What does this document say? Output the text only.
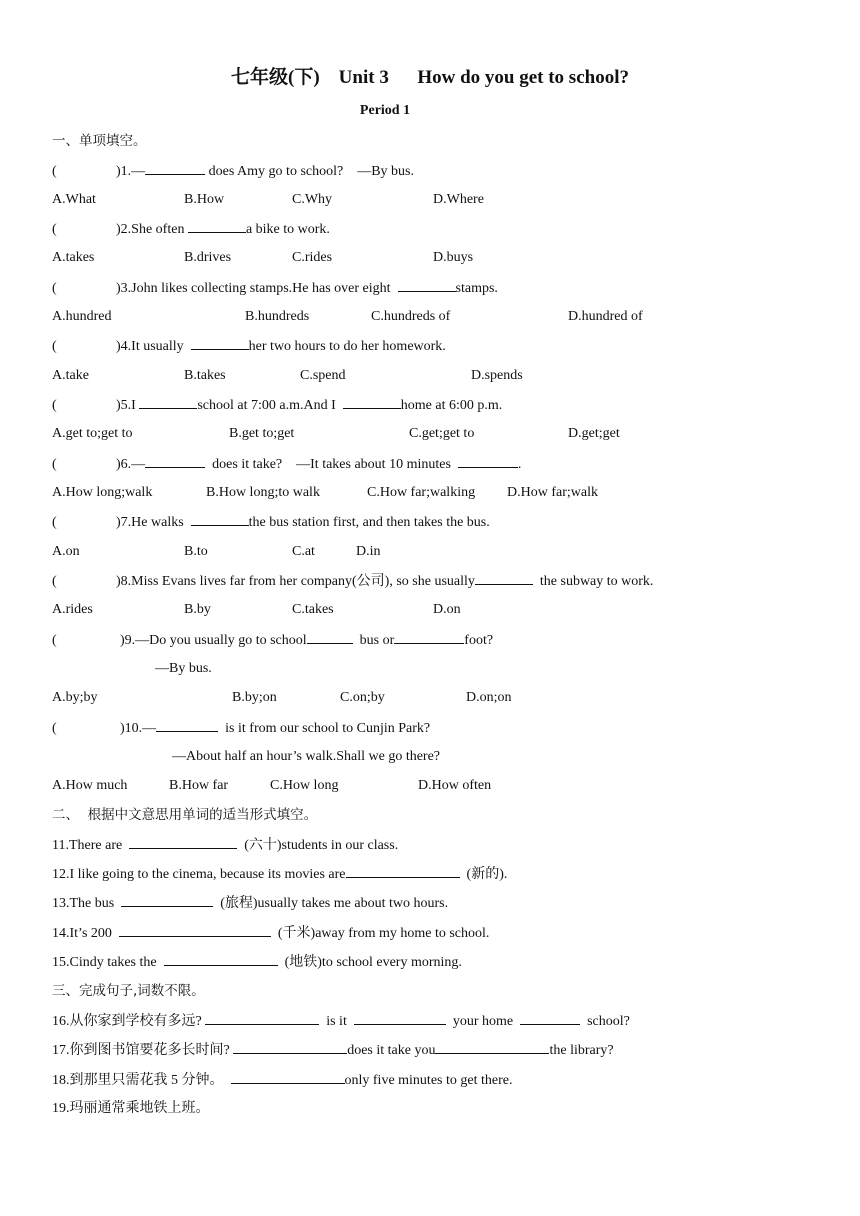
七年级(下) Unit 3 How do you get to school?
Period 1
一、单项填空。
(	)1.—	does Amy go to school?    —By bus.
A.What	B.How	C.Why	D.Where
(	)2.She often	a bike to work.
A.takes	B.drives	C.rides	D.buys
(	)3.John likes collecting stamps.He has over eight	stamps.
A.hundred	B.hundreds	C.hundreds of	D.hundred of
(	)4.It usually	her two hours to do her homework.
A.take	B.takes	C.spend	D.spends
(	)5.I	school at 7:00 a.m.And I	home at 6:00 p.m.
A.get to;get to	B.get to;get	C.get;get to	D.get;get
(	)6.—	does it take?    —It takes about 10 minutes	.
A.How long;walk	B.How long;to walk	C.How far;walking D.How far;walk
(	)7.He walks	the bus station first, and then takes the bus.
A.on	B.to	C.at	D.in
(	)8.Miss Evans lives far from her company(公司), so she usually	the subway to work.
A.rides	B.by	C.takes	D.on
(	)9.—Do you usually go to school	bus or	foot?
—By bus.
A.by;by	B.by;on	C.on;by	D.on;on
(	)10.—	is it from our school to Cunjin Park?
—About half an hour’s walk.Shall we go there?
A.How much	B.How far	C.How long	D.How often
二、  根据中文意思用单词的适当形式填空。
11.There are	(六十)students in our class.
12.I like going to the cinema, because its movies are	(新的).
13.The bus	(旅程)usually takes me about two hours.
14.It’s 200	(千米)away from my home to school.
15.Cindy takes the	(地铁)to school every morning.
三、完成句子,词数不限。
16.从你家到学校有多远?	is it	your home	school?
17.你到图书馆要花多长时间?	does it take you	the library?
18.到那里只需花我 5 分钟。	only five minutes to get there.
19.玛丽通常乘地铁上班。
